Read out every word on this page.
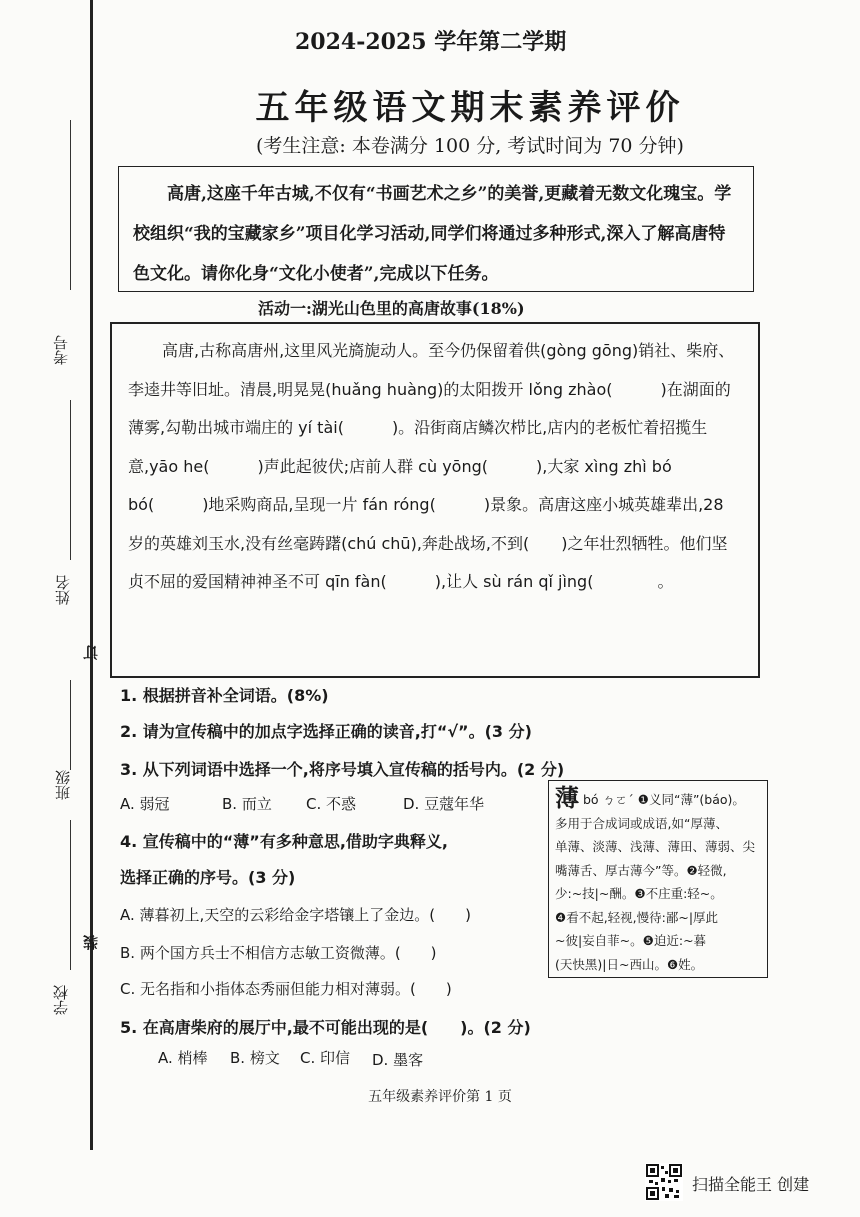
考号
姓名
订
班级
装
学校
2024-2025 学年第二学期
五年级语文期末素养评价
(考生注意: 本卷满分 100 分, 考试时间为 70 分钟)

高唐,这座千年古城,不仅有“书画艺术之乡”的美誉,更藏着无数文化瑰宝。学校组织“我的宝藏家乡”项目化学习活动,同学们将通过多种形式,深入了解高唐特色文化。请你化身“文化小使者”,完成以下任务。

活动一:湖光山色里的高唐故事(18%)

高唐,古称高唐州,这里风光旖旎动人。至今仍保留着供(gòng gōng)销社、柴府、李逵井等旧址。清晨,明晃晃(huǎng huàng)的太阳拨开 lǒng zhào(　　　)在湖面的薄雾,勾勒出城市端庄的 yí tài(　　　)。沿街商店鳞次栉比,店内的老板忙着招揽生意,yāo he(　　　)声此起彼伏;店前人群 cù yōng(　　　),大家 xìng zhì bó bó(　　　)地采购商品,呈现一片 fán róng(　　　)景象。高唐这座小城英雄辈出,28 岁的英雄刘玉水,没有丝毫踌躇(chú chū),奔赴战场,不到(　　)之年壮烈牺牲。他们坚贞不屈的爱国精神神圣不可 qīn fàn(　　　),让人 sù rán qǐ jìng(　　　　。

1. 根据拼音补全词语。(8%)
2. 请为宣传稿中的加点字选择正确的读音,打“√”。(3 分)
3. 从下列词语中选择一个,将序号填入宣传稿的括号内。(2 分)
A. 弱冠	B. 而立 C. 不惑	D. 豆蔻年华
4. 宣传稿中的“薄”有多种意思,借助字典释义,
选择正确的序号。(3 分)
A. 薄暮初上,天空的云彩给金字塔镶上了金边。(　　)
B. 两个国方兵士不相信方志敏工资微薄。(　　)
C. 无名指和小指体态秀丽但能力相对薄弱。(　　)
5. 在高唐柴府的展厅中,最不可能出现的是(　　)。(2 分)
A. 梢棒 B. 榜文 C. 印信 D. 墨客
薄 bó ㄅㄛˊ ❶义同“薄”(báo)。
多用于合成词或成语,如“厚薄、
单薄、淡薄、浅薄、薄田、薄弱、尖
嘴薄舌、厚古薄今”等。❷轻微,
少:~技|~酬。❸不庄重:轻~。
❹看不起,轻视,慢待:鄙~|厚此
~彼|妄自菲~。❺迫近:~暮
(天快黑)|日~西山。❻姓。
五年级素养评价第 1 页
扫描全能王 创建
